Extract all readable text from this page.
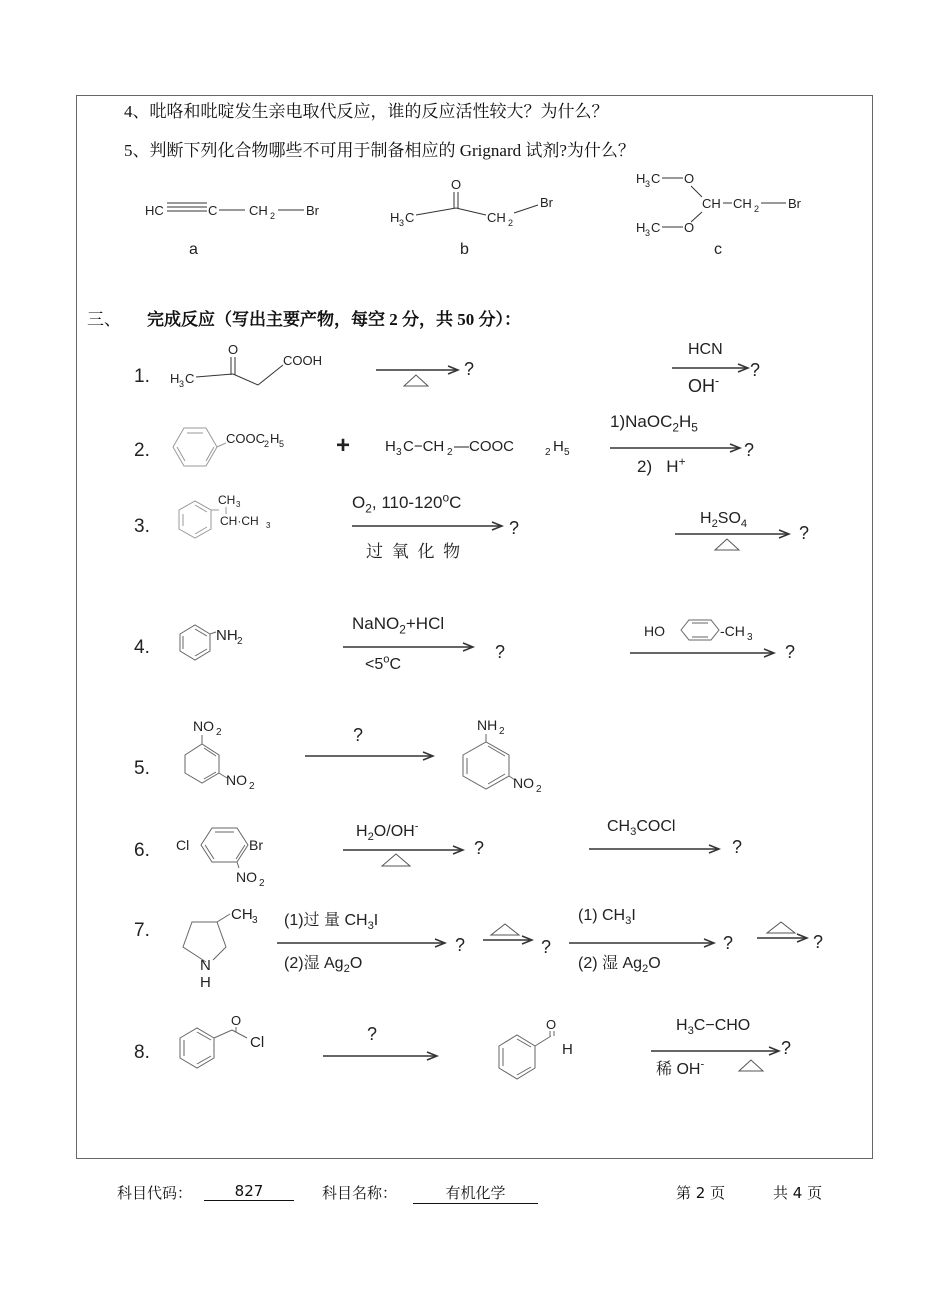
4、吡咯和吡啶发生亲电取代反应，谁的反应活性较大？为什么？
5、判断下列化合物哪些不可用于制备相应的 Grignard 试剂?为什么？
HC	C CH 2 Br
a
O
H 3 C	CH 2
Br
b
H 3 C O
CH CH 2 Br
H 3 C O
c
三、 完成反应（写出主要产物，每空 2 分，共 50 分）：
1.
O
H 3 C
COOH	?
HCN
?
OH-
2.
COOC 2 H 5 + H 3 C−CH 2 —COOC	2 H 5
$1)NaOC_2H_5$
?
2) H+
3.
CH 3
CH·CH 3
$O_2$, 110-120$^o$C
?
过 氧 化 物
$H_2SO_4$	?
4.
NH 2
NaNO$_2$+HCl
?
$<5^oC$
HO	-CH 3
?
5.
NO 2
NO 2
?	NH 2
NO 2
6. Cl	Br
NO 2
$H_2O/OH^-$
?
$CH_3COCl$
?
7.
CH 3
N
H
(1)过 量 $CH_3I$
(2)湿 $Ag_2O$
?	?
(1) $CH_3I$
(2) 湿 $Ag_2O$
?	?
8.
O
Cl	?	O
H
$H_3C-CHO$
?
稀 OH-
科目代码：	827	科目名称：	有机化学	第 2 页	共 4 页
